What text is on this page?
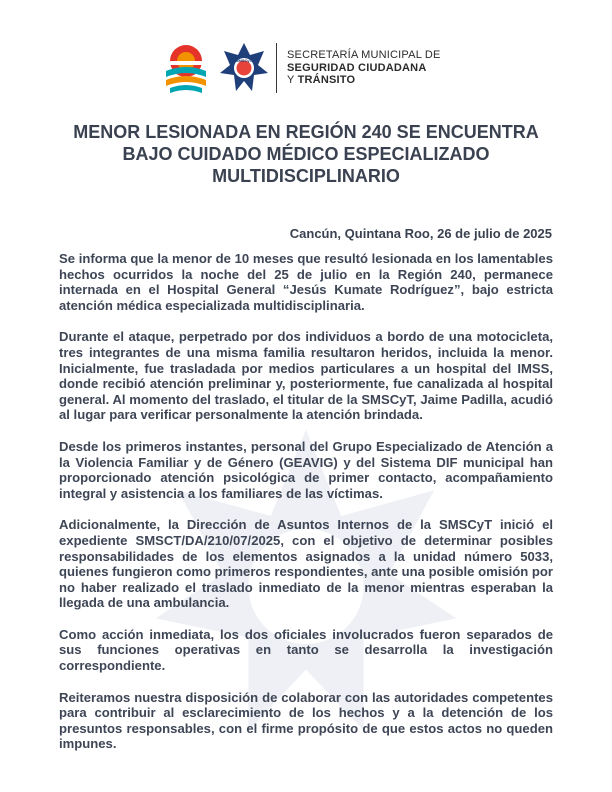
SMSCyT	SECRETARÍA MUNICIPAL DE
SEGURIDAD CIUDADANA
Y TRÁNSITO
MENOR LESIONADA EN REGIÓN 240 SE ENCUENTRA
BAJO CUIDADO MÉDICO ESPECIALIZADO
MULTIDISCIPLINARIO
Cancún, Quintana Roo, 26 de julio de 2025

Se informa que la menor de 10 meses que resultó lesionada en los lamentables hechos ocurridos la noche del 25 de julio en la Región 240, permanece internada en el Hospital General “Jesús Kumate Rodríguez”, bajo estricta atención médica especializada multidisciplinaria.

Durante el ataque, perpetrado por dos individuos a bordo de una motocicleta, tres integrantes de una misma familia resultaron heridos, incluida la menor. Inicialmente, fue trasladada por medios particulares a un hospital del IMSS, donde recibió atención preliminar y, posteriormente, fue canalizada al hospital general. Al momento del traslado, el titular de la SMSCyT, Jaime Padilla, acudió al lugar para verificar personalmente la atención brindada.

Desde los primeros instantes, personal del Grupo Especializado de Atención a la Violencia Familiar y de Género (GEAVIG) y del Sistema DIF municipal han proporcionado atención psicológica de primer contacto, acompañamiento integral y asistencia a los familiares de las víctimas.

Adicionalmente, la Dirección de Asuntos Internos de la SMSCyT inició el expediente SMSCT/DA/210/07/2025, con el objetivo de determinar posibles responsabilidades de los elementos asignados a la unidad número 5033, quienes fungieron como primeros respondientes, ante una posible omisión por no haber realizado el traslado inmediato de la menor mientras esperaban la llegada de una ambulancia.

Como acción inmediata, los dos oficiales involucrados fueron separados de sus funciones operativas en tanto se desarrolla la investigación correspondiente.

Reiteramos nuestra disposición de colaborar con las autoridades competentes para contribuir al esclarecimiento de los hechos y a la detención de los presuntos responsables, con el firme propósito de que estos actos no queden impunes.
